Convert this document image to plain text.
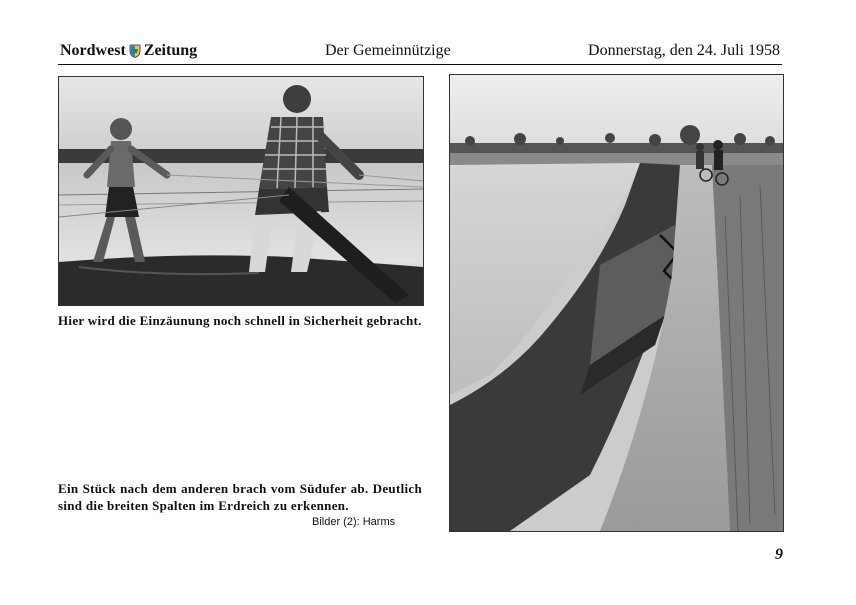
Nordwest Zeitung	Der Gemeinnützige	Donnerstag, den 24. Juli 1958
Hier wird die Einzäunung noch schnell in Sicherheit gebracht.
Ein Stück nach dem anderen brach vom Südufer ab. Deutlich sind die breiten Spalten im Erdreich zu erkennen.
Bilder (2): Harms
9
